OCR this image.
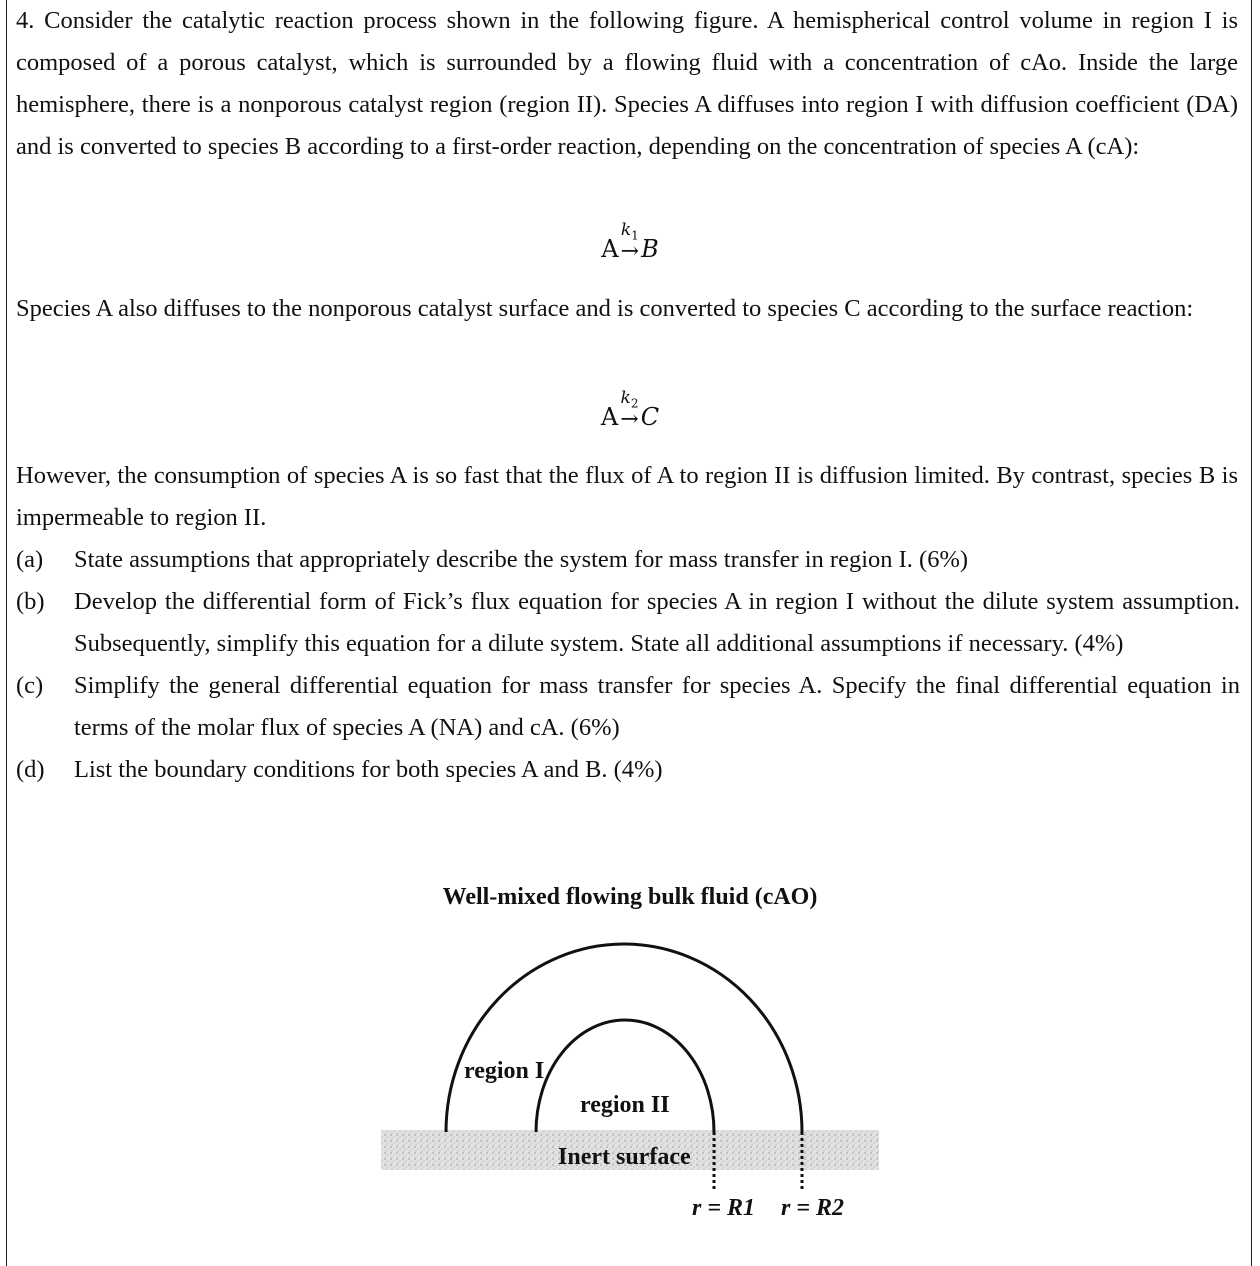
4. Consider the catalytic reaction process shown in the following figure. A hemispherical control volume in region I is composed of a porous catalyst, which is surrounded by a flowing fluid with a concentration of cAo. Inside the large hemisphere, there is a nonporous catalyst region (region II). Species A diffuses into region I with diffusion coefficient (DA) and is converted to species B according to a first-order reaction, depending on the concentration of species A (cA):
A
$k_1$
→ B
Species A also diffuses to the nonporous catalyst surface and is converted to species C according to the surface reaction:
A
$k_2$
→ C
However, the consumption of species A is so fast that the flux of A to region II is diffusion limited. By contrast, species B is impermeable to region II.
(a)	State assumptions that appropriately describe the system for mass transfer in region I. (6%)
(b)	Develop the differential form of Fick’s flux equation for species A in region I without the dilute system assumption. Subsequently, simplify this equation for a dilute system. State all additional assumptions if necessary. (4%)
(c)	Simplify the general differential equation for mass transfer for species A. Specify the final differential equation in terms of the molar flux of species A (NA) and cA. (6%)
(d)	List the boundary conditions for both species A and B. (4%)
Well-mixed flowing bulk fluid (cAO)
region I
region II
Inert surface
r = R1 r = R2
